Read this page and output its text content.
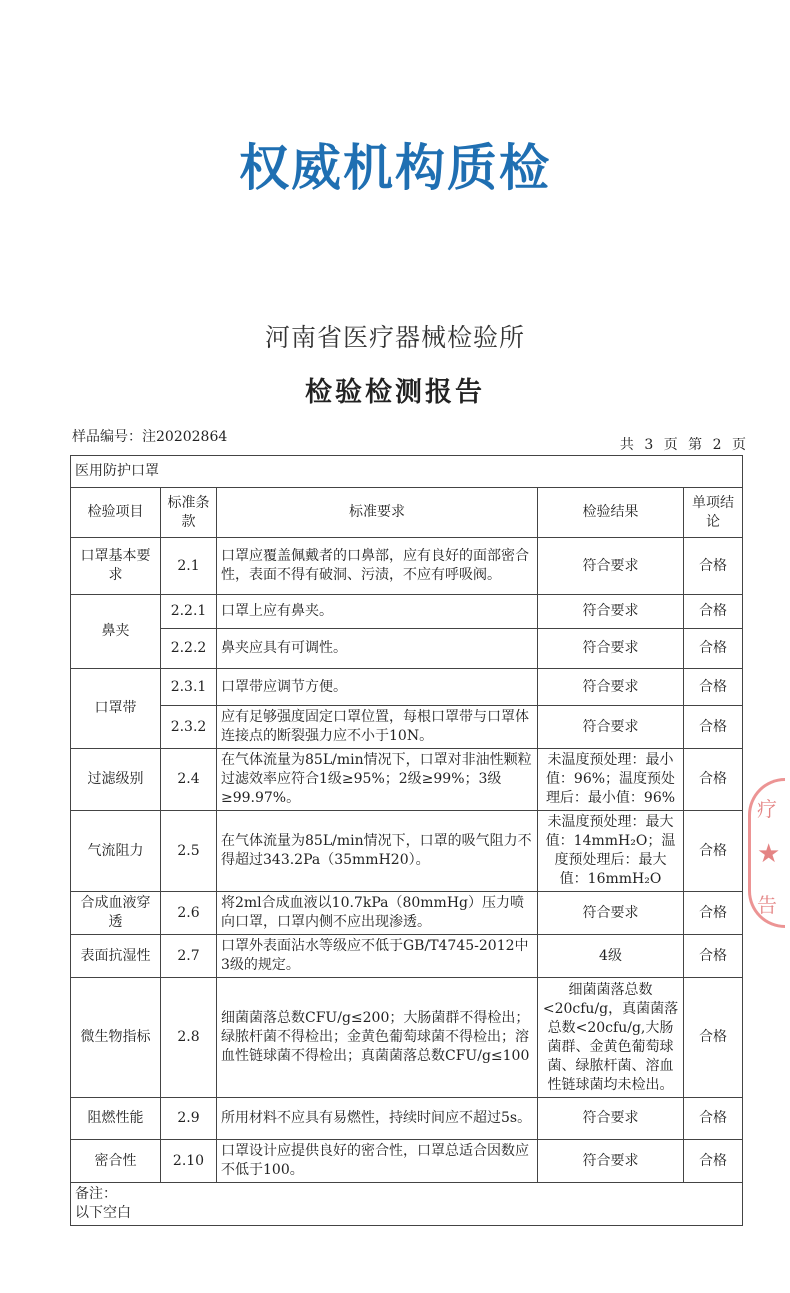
权威机构质检
河南省医疗器械检验所
检验检测报告
样品编号：注20202864	共 3 页 第 2 页
医用防护口罩				
检验项目	标准条款	标准要求	检验结果	单项结论
口罩基本要求	2.1	口罩应覆盖佩戴者的口鼻部，应有良好的面部密合性，表面不得有破洞、污渍，不应有呼吸阀。	符合要求	合格
鼻夹	2.2.1	口罩上应有鼻夹。	符合要求	合格
	2.2.2	鼻夹应具有可调性。	符合要求	合格
口罩带	2.3.1	口罩带应调节方便。	符合要求	合格
	2.3.2	应有足够强度固定口罩位置，每根口罩带与口罩体连接点的断裂强力应不小于10N。	符合要求	合格
过滤级别	2.4	在气体流量为85L/min情况下，口罩对非油性颗粒过滤效率应符合1级≥95%；2级≥99%；3级≥99.97%。	未温度预处理：最小值：96%；温度预处理后：最小值：96%	合格
气流阻力	2.5	在气体流量为85L/min情况下，口罩的吸气阻力不得超过343.2Pa（35mmH20）。	未温度预处理：最大值：14mmH₂O；温度预处理后：最大值：16mmH₂O	合格
合成血液穿透	2.6	将2ml合成血液以10.7kPa（80mmHg）压力喷向口罩，口罩内侧不应出现渗透。	符合要求	合格
表面抗湿性	2.7	口罩外表面沾水等级应不低于GB/T4745-2012中3级的规定。	4级	合格
微生物指标	2.8	细菌菌落总数CFU/g≤200；大肠菌群不得检出；绿脓杆菌不得检出；金黄色葡萄球菌不得检出；溶血性链球菌不得检出；真菌菌落总数CFU/g≤100	细菌菌落总数<20cfu/g，真菌菌落总数<20cfu/g,大肠菌群、金黄色葡萄球菌、绿脓杆菌、溶血性链球菌均未检出。	合格
阻燃性能	2.9	所用材料不应具有易燃性，持续时间应不超过5s。	符合要求	合格
密合性	2.10	口罩设计应提供良好的密合性，口罩总适合因数应不低于100。	符合要求	合格

备注：
以下空白				
疗
★
告
